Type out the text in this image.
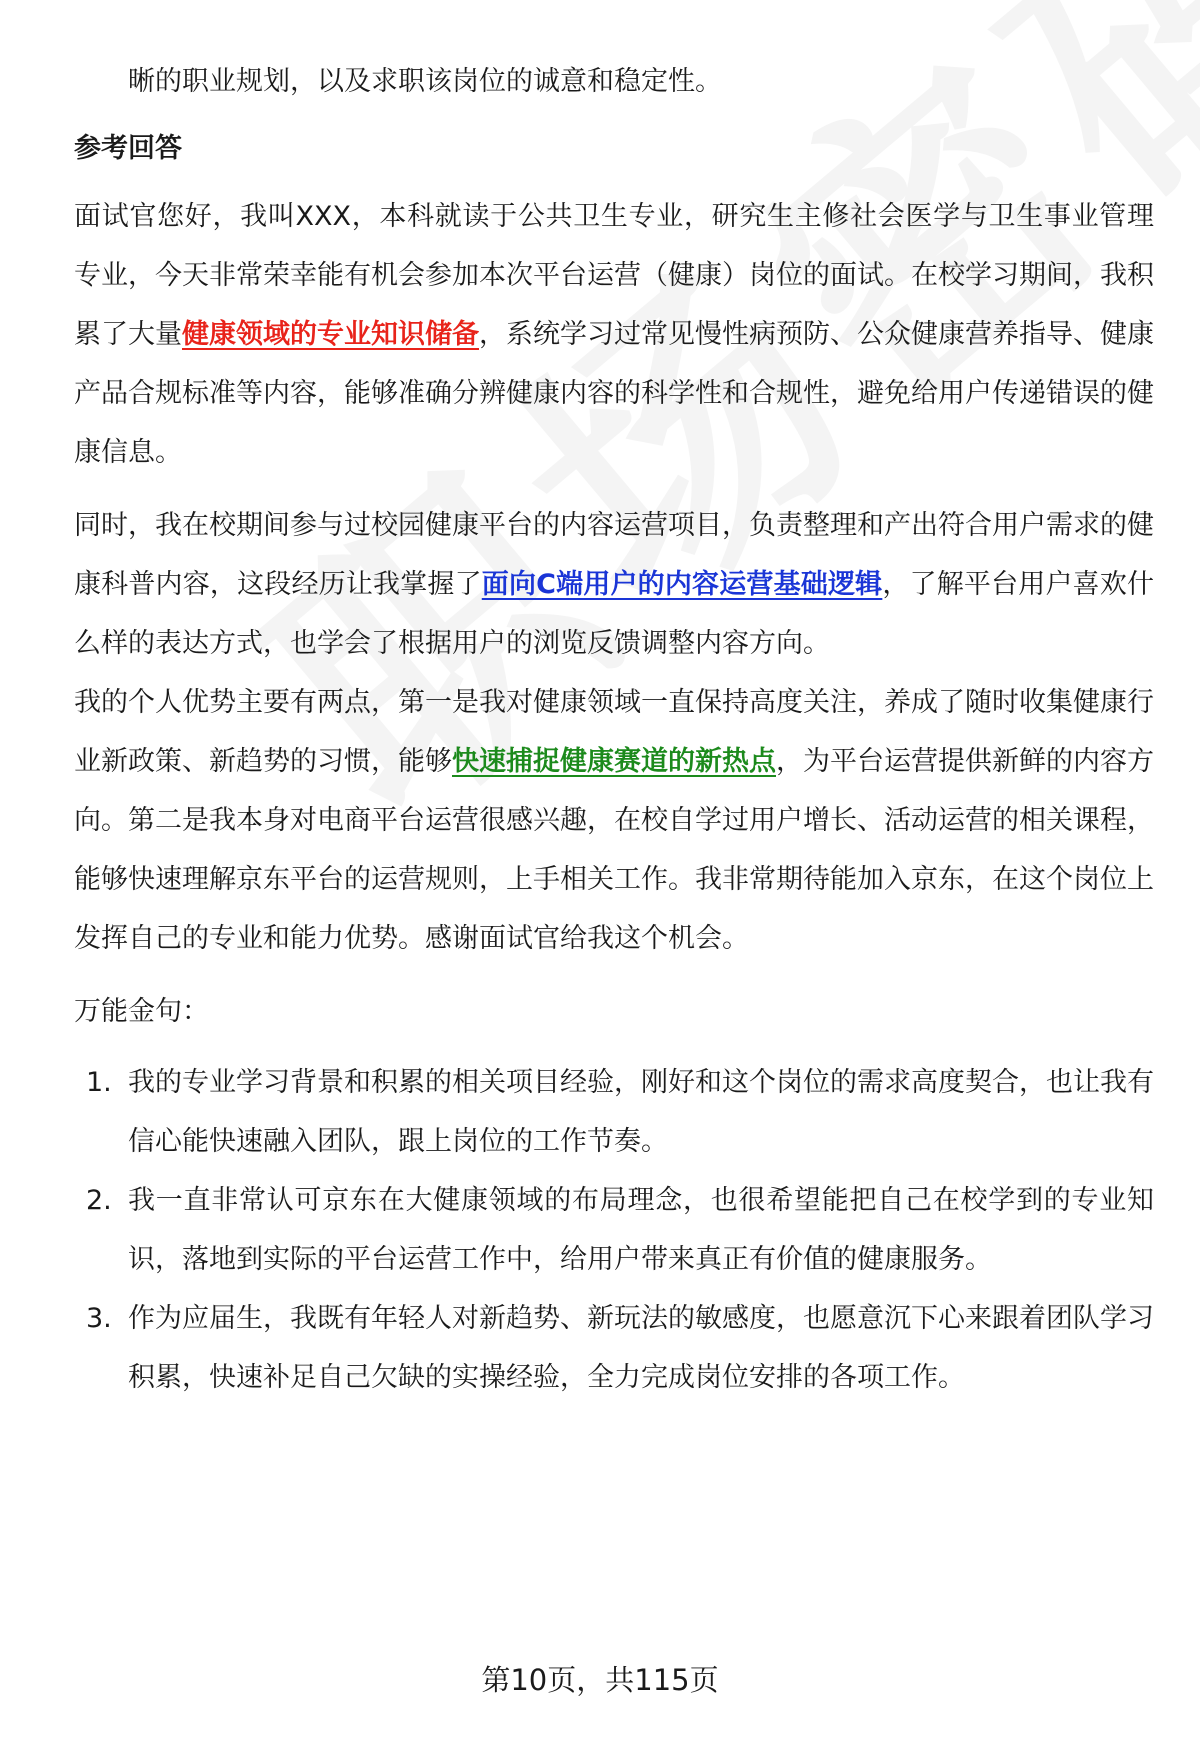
晰的职业规划，以及求职该岗位的诚意和稳定性。

参考回答

面试官您好，我叫XXX，本科就读于公共卫生专业，研究生主修社会医学与卫生事业管理专业，今天非常荣幸能有机会参加本次平台运营（健康）岗位的面试。在校学习期间，我积累了大量健康领域的专业知识储备，系统学习过常见慢性病预防、公众健康营养指导、健康产品合规标准等内容，能够准确分辨健康内容的科学性和合规性，避免给用户传递错误的健康信息。

同时，我在校期间参与过校园健康平台的内容运营项目，负责整理和产出符合用户需求的健康科普内容，这段经历让我掌握了面向C端用户的内容运营基础逻辑，了解平台用户喜欢什么样的表达方式，也学会了根据用户的浏览反馈调整内容方向。

我的个人优势主要有两点，第一是我对健康领域一直保持高度关注，养成了随时收集健康行业新政策、新趋势的习惯，能够快速捕捉健康赛道的新热点，为平台运营提供新鲜的内容方向。第二是我本身对电商平台运营很感兴趣，在校自学过用户增长、活动运营的相关课程，能够快速理解京东平台的运营规则，上手相关工作。我非常期待能加入京东，在这个岗位上发挥自己的专业和能力优势。感谢面试官给我这个机会。

万能金句：

1. 我的专业学习背景和积累的相关项目经验，刚好和这个岗位的需求高度契合，也让我有信心能快速融入团队，跟上岗位的工作节奏。
2. 我一直非常认可京东在大健康领域的布局理念，也很希望能把自己在校学到的专业知识，落地到实际的平台运营工作中，给用户带来真正有价值的健康服务。
3. 作为应届生，我既有年轻人对新趋势、新玩法的敏感度，也愿意沉下心来跟着团队学习积累，快速补足自己欠缺的实操经验，全力完成岗位安排的各项工作。
第10页，共115页
